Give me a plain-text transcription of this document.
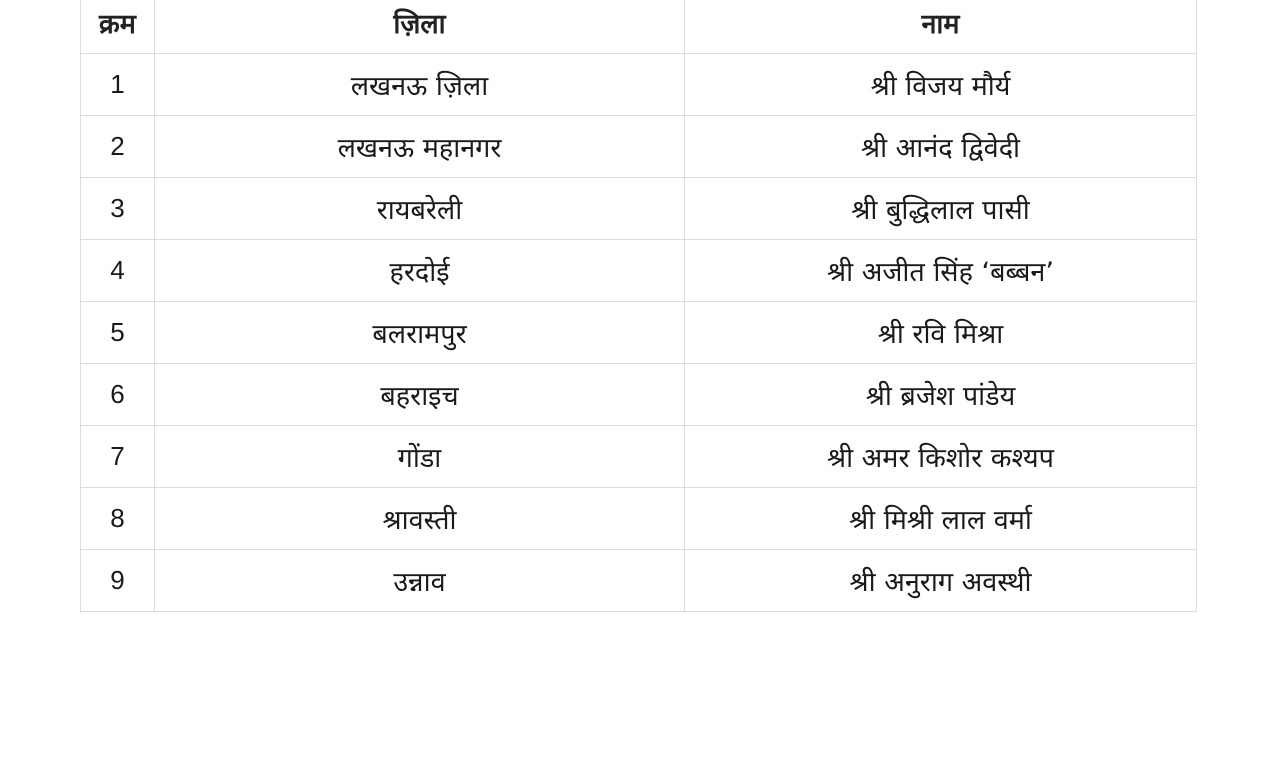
क्रम	ज़िला	नाम
1	लखनऊ ज़िला	श्री विजय मौर्य
2	लखनऊ महानगर	श्री आनंद द्विवेदी
3	रायबरेली	श्री बुद्धिलाल पासी
4	हरदोई	श्री अजीत सिंह ‘बब्बन’
5	बलरामपुर	श्री रवि मिश्रा
6	बहराइच	श्री ब्रजेश पांडेय
7	गोंडा	श्री अमर किशोर कश्यप
8	श्रावस्ती	श्री मिश्री लाल वर्मा
9	उन्नाव	श्री अनुराग अवस्थी
